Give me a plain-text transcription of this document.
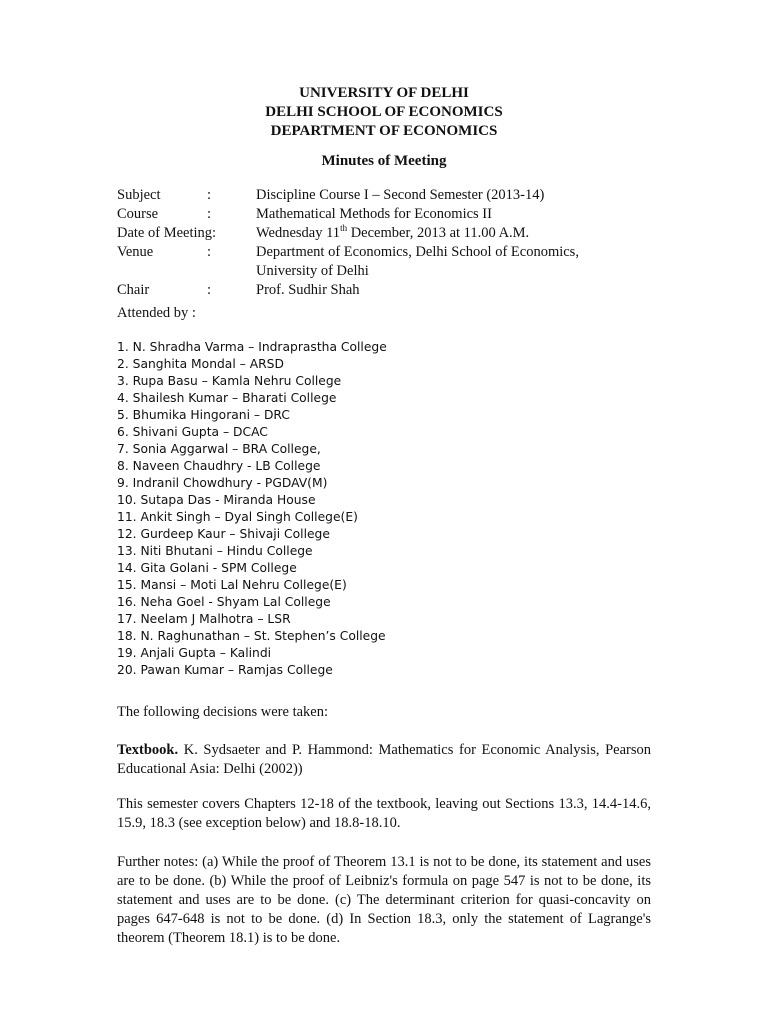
UNIVERSITY OF DELHI
DELHI SCHOOL OF ECONOMICS
DEPARTMENT OF ECONOMICS
Minutes of Meeting
Subject	:	Discipline Course I – Second Semester (2013-14)
Course	:	Mathematical Methods for Economics II
Date of Meeting:	Wednesday 11th December, 2013 at 11.00 A.M.
Venue	:	Department of Economics, Delhi School of Economics,
University of Delhi
Chair	:	Prof. Sudhir Shah
Attended by :
1. N. Shradha Varma – Indraprastha College
2. Sanghita Mondal – ARSD
3. Rupa Basu – Kamla Nehru College
4. Shailesh Kumar – Bharati College
5. Bhumika Hingorani – DRC
6. Shivani Gupta – DCAC
7. Sonia Aggarwal – BRA College,
8. Naveen Chaudhry - LB College
9. Indranil Chowdhury - PGDAV(M)
10. Sutapa Das - Miranda House
11. Ankit Singh – Dyal Singh College(E)
12. Gurdeep Kaur – Shivaji College
13. Niti Bhutani – Hindu College
14. Gita Golani - SPM College
15. Mansi – Moti Lal Nehru College(E)
16. Neha Goel - Shyam Lal College
17. Neelam J Malhotra – LSR
18. N. Raghunathan – St. Stephen’s College
19. Anjali Gupta – Kalindi
20. Pawan Kumar – Ramjas College
The following decisions were taken:

Textbook. K. Sydsaeter and P. Hammond: Mathematics for Economic Analysis, Pearson Educational Asia: Delhi (2002))

This semester covers Chapters 12-18 of the textbook, leaving out Sections 13.3, 14.4-14.6, 15.9, 18.3 (see exception below) and 18.8-18.10.

Further notes: (a) While the proof of Theorem 13.1 is not to be done, its statement and uses are to be done. (b) While the proof of Leibniz's formula on page 547 is not to be done, its statement and uses are to be done. (c) The determinant criterion for quasi-concavity on pages 647-648 is not to be done. (d) In Section 18.3, only the statement of Lagrange's theorem (Theorem 18.1) is to be done.
